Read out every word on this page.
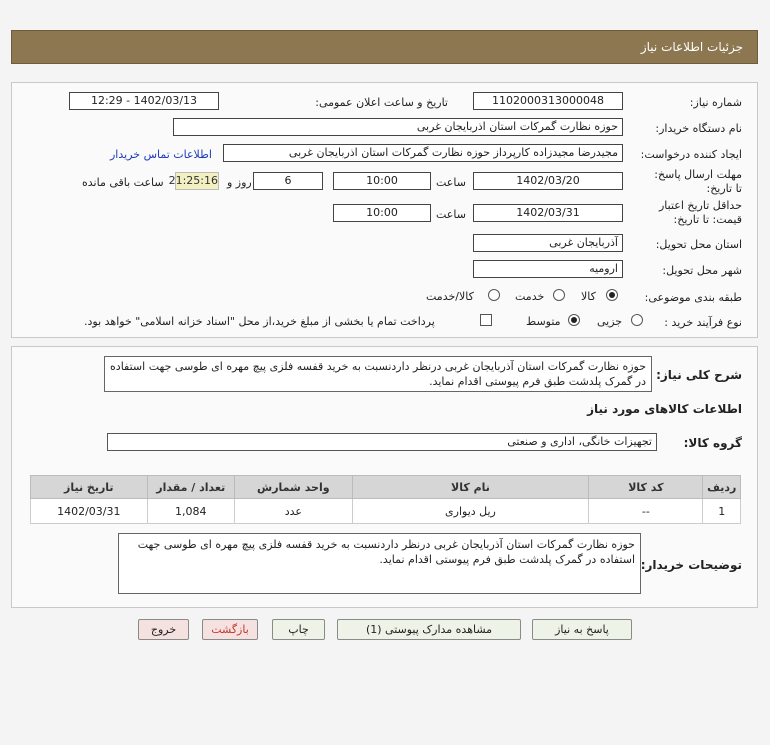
جزئیات اطلاعات نیاز
شماره نیاز:
1102000313000048
تاریخ و ساعت اعلان عمومی:
1402/03/13 - 12:29
نام دستگاه خریدار:
حوزه نظارت گمرکات استان اذربایجان غربی
ایجاد کننده درخواست:
مجیدرضا مجیدزاده کارپرداز حوزه نظارت گمرکات استان اذربایجان غربی
اطلاعات تماس خریدار
مهلت ارسال پاسخ: تا تاریخ:
1402/03/20
ساعت
10:00
6
روز و
21:25:16
ساعت باقی مانده
حداقل تاریخ اعتبار قیمت: تا تاریخ:
1402/03/31
ساعت
10:00
استان محل تحویل:
آذربایجان غربی
شهر محل تحویل:
ارومیه
طبقه بندی موضوعی:
کالا
خدمت
کالا/خدمت
نوع فرآیند خرید :
جزیی
متوسط
پرداخت تمام یا بخشی از مبلغ خرید،از محل "اسناد خزانه اسلامی" خواهد بود.
شرح کلی نیاز:
حوزه نظارت گمرکات استان آذربایجان غربی درنظر داردنسبت به خرید قفسه فلزی پیچ مهره ای طوسی جهت استفاده در گمرک پلدشت طبق فرم پیوستی اقدام نماید.
اطلاعات کالاهای مورد نیاز
گروه کالا:
تجهیزات خانگی، اداری و صنعتی
ردیف	کد کالا	نام کالا	واحد شمارش	تعداد / مقدار	تاریخ نیاز
1	--	ریل دیواری	عدد	1,084	1402/03/31
توضیحات خریدار:
حوزه نظارت گمرکات استان آذربایجان غربی درنظر داردنسبت به خرید قفسه فلزی پیچ مهره ای طوسی جهت استفاده در گمرک پلدشت طبق فرم پیوستی اقدام نماید.
پاسخ به نیاز
مشاهده مدارک پیوستی (1)
چاپ
بازگشت
خروج
